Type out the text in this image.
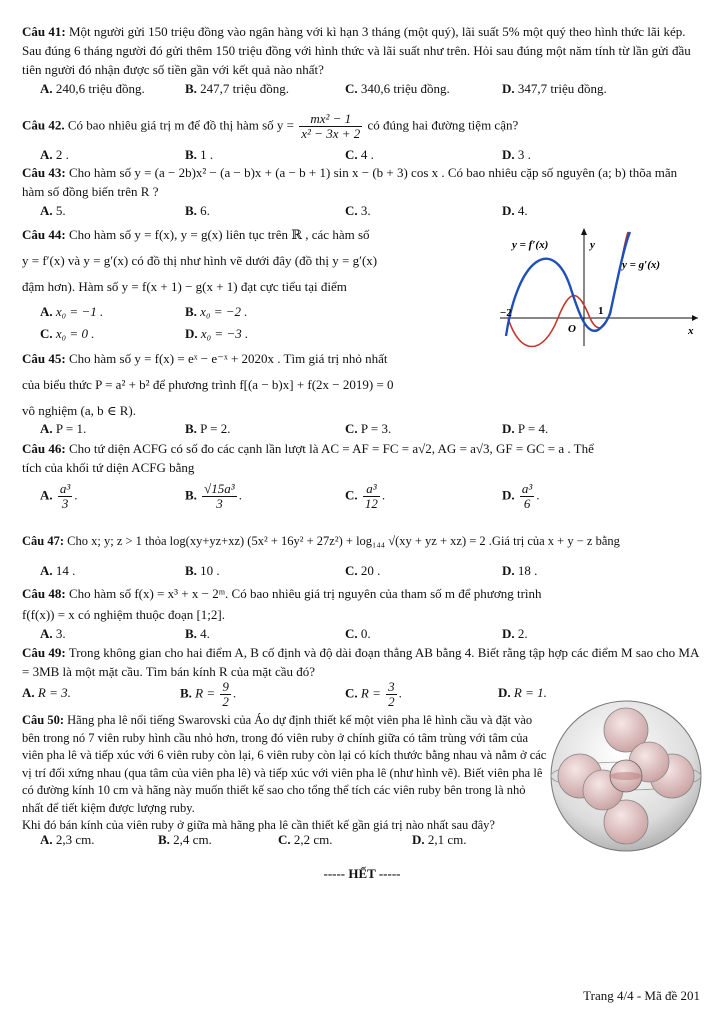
Câu 41: Một người gửi 150 triệu đồng vào ngân hàng với kì hạn 3 tháng (một quý), lãi suất 5% một quý theo hình thức lãi kép. Sau đúng 6 tháng người đó gửi thêm 150 triệu đồng với hình thức và lãi suất như trên. Hỏi sau đúng một năm tính từ lần gửi đầu tiên người đó nhận được số tiền gần với kết quả nào nhất?
A. 240,6 triệu đồng.	B. 247,7 triệu đồng.	C. 340,6 triệu đồng.	D. 347,7 triệu đồng.
Câu 42. Có bao nhiêu giá trị m để đồ thị hàm số $y = \frac{\text{mx² − 1}}{\text{x² − 3x + 2}}$ có đúng hai đường tiệm cận?
A. 2 .	B. 1 .	C. 4 .	D. 3 .
Câu 43: Cho hàm số y = (a − 2b)x² − (a − b)x + (a − b + 1) sin x − (b + 3) cos x . Có bao nhiêu cặp số nguyên (a; b) thõa mãn hàm số đồng biến trên R ?
A. 5.	B. 6.	C. 3.	D. 4.
Câu 44: Cho hàm số y = f(x), y = g(x) liên tục trên ℝ , các hàm số
y = f′(x) và y = g′(x) có đồ thị như hình vẽ dưới đây (đồ thị y = g′(x)
đậm hơn). Hàm số y = f(x + 1) − g(x + 1) đạt cực tiểu tại điểm
A. x₀ = −1 .	B. x₀ = −2 .
C. x₀ = 0 .	D. x₀ = −3 .
y = f′(x)	y
y = g′(x)
−2	1
O	x
Câu 45: Cho hàm số y = f(x) = eˣ − e⁻ˣ + 2020x . Tìm giá trị nhỏ nhất
của biểu thức P = a² + b² để phương trình f[(a − b)x] + f(2x − 2019) = 0
vô nghiệm (a, b ∈ R).
A. P = 1.	B. P = 2.	C. P = 3.	D. P = 4.
Câu 46: Cho tứ diện ACFG có số đo các cạnh lần lượt là AC = AF = FC = a√2, AG = a√3, GF = GC = a . Thể
tích của khối tứ diện ACFG bằng
A. $\frac{\text{a³}}{3}$ .	B. $\frac{\text{√15a³}}{3}$ .	C. $\frac{\text{a³}}{12}$ .	D. $\frac{\text{a³}}{6}$ .
Câu 47: Cho x; y; z > 1 thỏa log(xy+yz+xz) (5x² + 16y² + 27z²) + log₁₄₄ √(xy + yz + xz) = 2 .Giá trị của x + y − z bằng
A. 14 .	B. 10 .	C. 20 .	D. 18 .
Câu 48: Cho hàm số f(x) = x³ + x − 2ᵐ. Có bao nhiêu giá trị nguyên của tham số m để phương trình
f(f(x)) = x có nghiệm thuộc đoạn [1;2].
A. 3.	B. 4.	C. 0.	D. 2.
Câu 49: Trong không gian cho hai điểm A, B cố định và độ dài đoạn thẳng AB bằng 4. Biết rằng tập hợp các điểm M sao cho MA = 3MB là một mặt cầu. Tìm bán kính R của mặt cầu đó?
A. R = 3.	B. $R = \frac{9}{2}$ .	C. $R = \frac{3}{2}$ .	D. R = 1.
Câu 50: Hãng pha lê nổi tiếng Swarovski của Áo dự định thiết kế một viên pha lê hình cầu và đặt vào bên trong nó 7 viên ruby hình cầu nhỏ hơn, trong đó viên ruby ở chính giữa có tâm trùng với tâm của viên pha lê và tiếp xúc với 6 viên ruby còn lại, 6 viên ruby còn lại có kích thước bằng nhau và nằm ở các vị trí đối xứng nhau (qua tâm của viên pha lê) và tiếp xúc với viên pha lê (như hình vẽ). Biết viên pha lê có đường kính 10 cm và hãng này muốn thiết kế sao cho tổng thể tích các viên ruby bên trong là nhỏ nhất để tiết kiệm được lượng ruby.
Khi đó bán kính của viên ruby ở giữa mà hãng pha lê cần thiết kế gần giá trị nào nhất sau đây?
A. 2,3 cm.	B. 2,4 cm.	C. 2,2 cm.	D. 2,1 cm.
----- HẾT -----
Trang 4/4 - Mã đề 201
